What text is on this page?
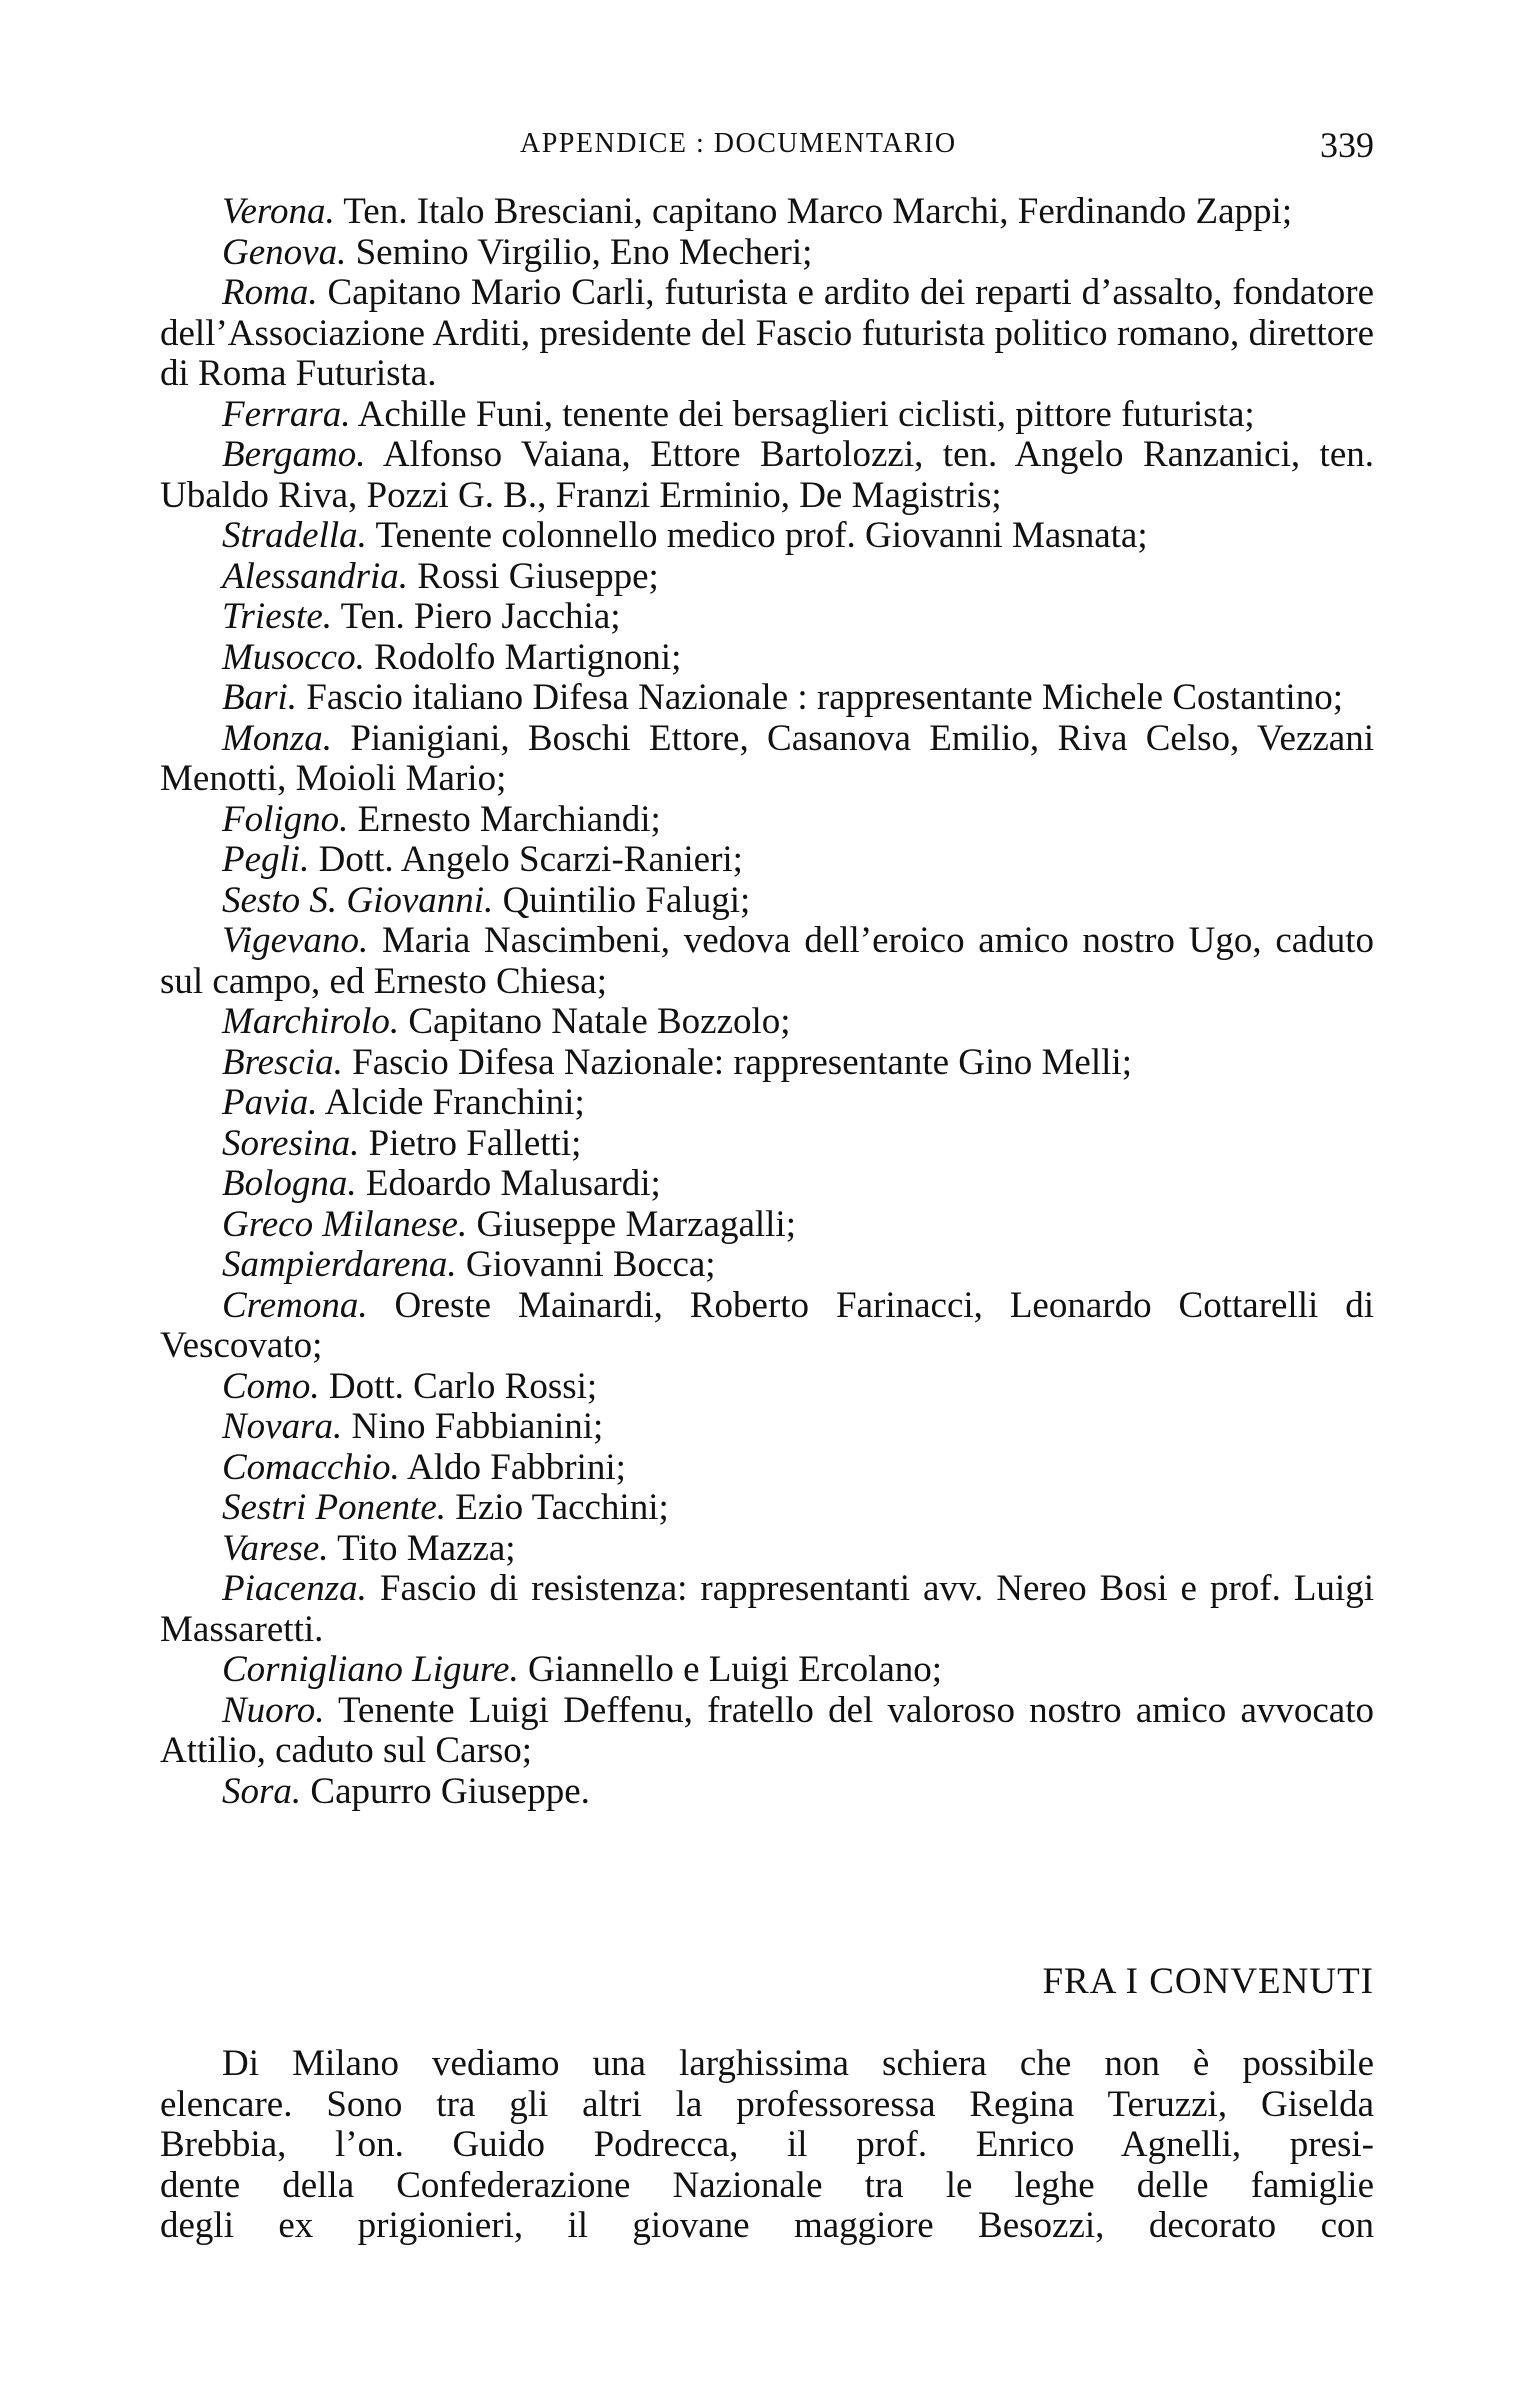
APPENDICE : DOCUMENTARIO	339

Verona. Ten. Italo Bresciani, capitano Marco Marchi, Ferdinando Zappi;

Genova. Semino Virgilio, Eno Mecheri;

Roma. Capitano Mario Carli, futurista e ardito dei reparti d’assalto, fondatore dell’Associazione Arditi, presidente del Fascio futurista politico romano, direttore di Roma Futurista.

Ferrara. Achille Funi, tenente dei bersaglieri ciclisti, pittore futurista;

Bergamo. Alfonso Vaiana, Ettore Bartolozzi, ten. Angelo Ranzanici, ten. Ubaldo Riva, Pozzi G. B., Franzi Erminio, De Magistris;

Stradella. Tenente colonnello medico prof. Giovanni Masnata;

Alessandria. Rossi Giuseppe;

Trieste. Ten. Piero Jacchia;

Musocco. Rodolfo Martignoni;

Bari. Fascio italiano Difesa Nazionale : rappresentante Michele Costantino;

Monza. Pianigiani, Boschi Ettore, Casanova Emilio, Riva Celso, Vezzani Menotti, Moioli Mario;

Foligno. Ernesto Marchiandi;

Pegli. Dott. Angelo Scarzi-Ranieri;

Sesto S. Giovanni. Quintilio Falugi;

Vigevano. Maria Nascimbeni, vedova dell’eroico amico nostro Ugo, caduto sul campo, ed Ernesto Chiesa;

Marchirolo. Capitano Natale Bozzolo;

Brescia. Fascio Difesa Nazionale: rappresentante Gino Melli;

Pavia. Alcide Franchini;

Soresina. Pietro Falletti;

Bologna. Edoardo Malusardi;

Greco Milanese. Giuseppe Marzagalli;

Sampierdarena. Giovanni Bocca;

Cremona. Oreste Mainardi, Roberto Farinacci, Leonardo Cottarelli di Vescovato;

Como. Dott. Carlo Rossi;

Novara. Nino Fabbianini;

Comacchio. Aldo Fabbrini;

Sestri Ponente. Ezio Tacchini;

Varese. Tito Mazza;

Piacenza. Fascio di resistenza: rappresentanti avv. Nereo Bosi e prof. Luigi Massaretti.

Cornigliano Ligure. Giannello e Luigi Ercolano;

Nuoro. Tenente Luigi Deffenu, fratello del valoroso nostro amico avvocato Attilio, caduto sul Carso;

Sora. Capurro Giuseppe.

FRA I CONVENUTI

Di Milano vediamo una larghissima schiera che non è possibile
elencare. Sono tra gli altri la professoressa Regina Teruzzi, Giselda
Brebbia, l’on. Guido Podrecca, il prof. Enrico Agnelli, presi-
dente della Confederazione Nazionale tra le leghe delle famiglie
degli ex prigionieri, il giovane maggiore Besozzi, decorato con
